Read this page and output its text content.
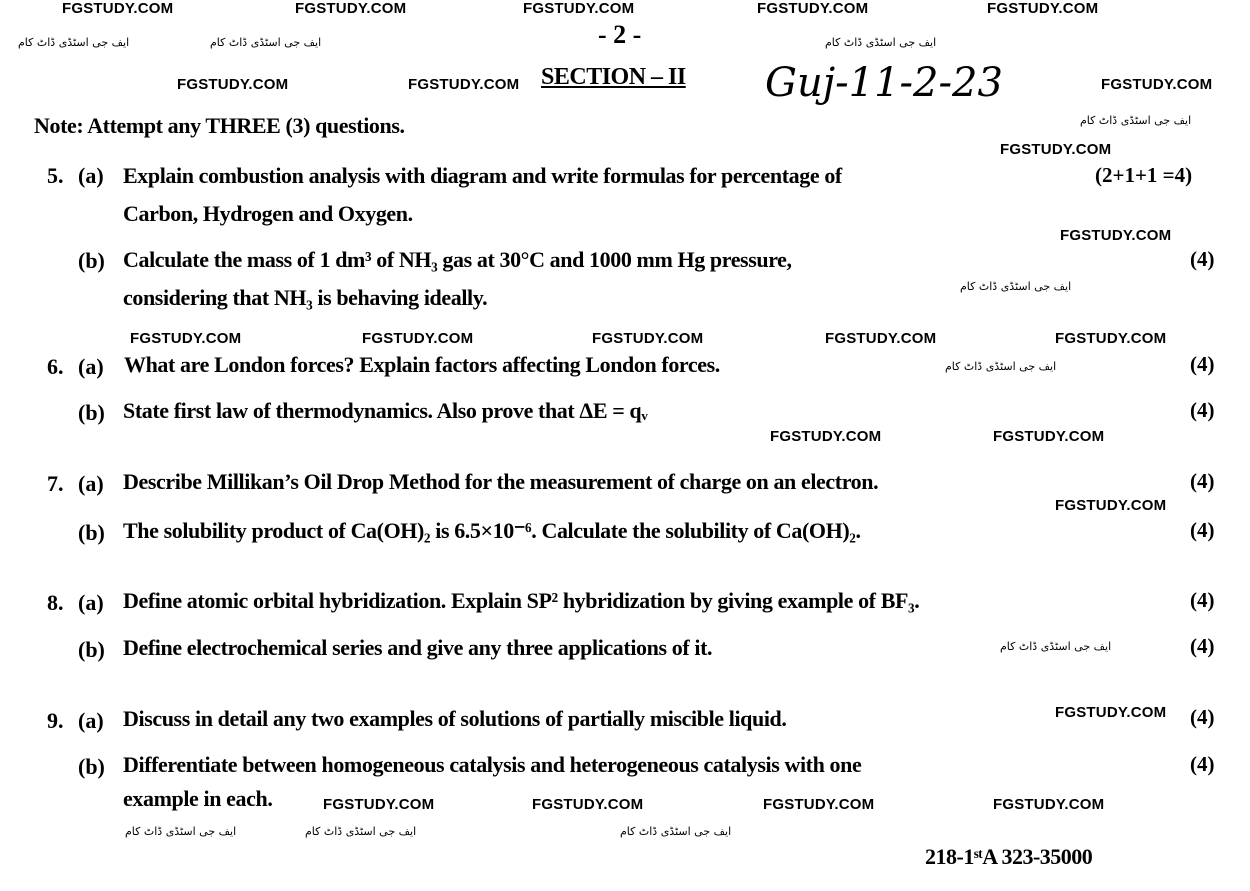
FGSTUDY.COM	FGSTUDY.COM	FGSTUDY.COM	FGSTUDY.COM	FGSTUDY.COM
FGSTUDY.COM	FGSTUDY.COM	FGSTUDY.COM
FGSTUDY.COM
FGSTUDY.COM
FGSTUDY.COM	FGSTUDY.COM	FGSTUDY.COM	FGSTUDY.COM	FGSTUDY.COM
FGSTUDY.COM	FGSTUDY.COM
FGSTUDY.COM
FGSTUDY.COM
FGSTUDY.COM	FGSTUDY.COM	FGSTUDY.COM	FGSTUDY.COM
ایف جی اسٹڈی ڈاٹ کام	ایف جی اسٹڈی ڈاٹ کام	ایف جی اسٹڈی ڈاٹ کام
ایف جی اسٹڈی ڈاٹ کام
ایف جی اسٹڈی ڈاٹ کام
ایف جی اسٹڈی ڈاٹ کام
ایف جی اسٹڈی ڈاٹ کام
ایف جی اسٹڈی ڈاٹ کام	ایف جی اسٹڈی ڈاٹ کام	ایف جی اسٹڈی ڈاٹ کام
- 2 -
SECTION – II Guj-11-2-23
Note: Attempt any THREE (3) questions.
5. (a) Explain combustion analysis with diagram and write formulas for percentage of
Carbon, Hydrogen and Oxygen.
(2+1+1 =4)
(b) Calculate the mass of 1 dm³ of NH₃ gas at 30°C and 1000 mm Hg pressure,
considering that NH₃ is behaving ideally.
(4)
6. (a) What are London forces? Explain factors affecting London forces.	(4)
(b) State first law of thermodynamics. Also prove that ΔE = qᵥ	(4)
7. (a) Describe Millikan’s Oil Drop Method for the measurement of charge on an electron.	(4)
(b) The solubility product of Ca(OH)₂ is 6.5×10⁻⁶. Calculate the solubility of Ca(OH)₂.	(4)
8. (a) Define atomic orbital hybridization. Explain SP² hybridization by giving example of BF₃.	(4)
(b) Define electrochemical series and give any three applications of it.	(4)
9. (a) Discuss in detail any two examples of solutions of partially miscible liquid.	(4)
(b) Differentiate between homogeneous catalysis and heterogeneous catalysis with one
example in each.
(4)
218-1ˢᵗA 323-35000
